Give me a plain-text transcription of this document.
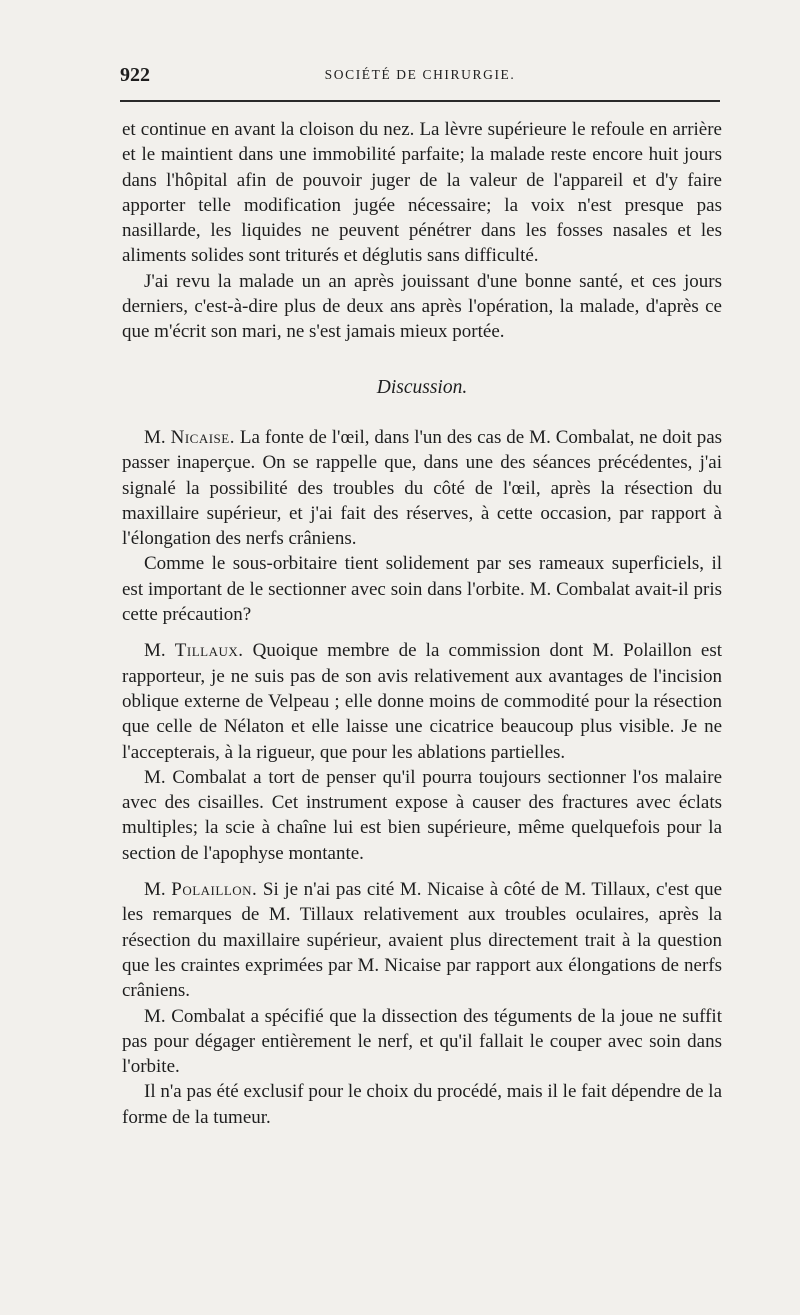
922	SOCIÉTÉ DE CHIRURGIE.

et continue en avant la cloison du nez. La lèvre supérieure le refoule en arrière et le maintient dans une immobilité parfaite; la malade reste encore huit jours dans l'hôpital afin de pouvoir juger de la valeur de l'appareil et d'y faire apporter telle modification jugée nécessaire; la voix n'est presque pas nasillarde, les liquides ne peuvent pénétrer dans les fosses nasales et les aliments solides sont triturés et déglutis sans difficulté.

J'ai revu la malade un an après jouissant d'une bonne santé, et ces jours derniers, c'est-à-dire plus de deux ans après l'opération, la malade, d'après ce que m'écrit son mari, ne s'est jamais mieux portée.

Discussion.

M. Nicaise. La fonte de l'œil, dans l'un des cas de M. Combalat, ne doit pas passer inaperçue. On se rappelle que, dans une des séances précédentes, j'ai signalé la possibilité des troubles du côté de l'œil, après la résection du maxillaire supérieur, et j'ai fait des réserves, à cette occasion, par rapport à l'élongation des nerfs crâniens.

Comme le sous-orbitaire tient solidement par ses rameaux superficiels, il est important de le sectionner avec soin dans l'orbite. M. Combalat avait-il pris cette précaution?

M. Tillaux. Quoique membre de la commission dont M. Polaillon est rapporteur, je ne suis pas de son avis relativement aux avantages de l'incision oblique externe de Velpeau ; elle donne moins de commodité pour la résection que celle de Nélaton et elle laisse une cicatrice beaucoup plus visible. Je ne l'accepterais, à la rigueur, que pour les ablations partielles.

M. Combalat a tort de penser qu'il pourra toujours sectionner l'os malaire avec des cisailles. Cet instrument expose à causer des fractures avec éclats multiples; la scie à chaîne lui est bien supérieure, même quelquefois pour la section de l'apophyse montante.

M. Polaillon. Si je n'ai pas cité M. Nicaise à côté de M. Tillaux, c'est que les remarques de M. Tillaux relativement aux troubles oculaires, après la résection du maxillaire supérieur, avaient plus directement trait à la question que les craintes exprimées par M. Nicaise par rapport aux élongations de nerfs crâniens.

M. Combalat a spécifié que la dissection des téguments de la joue ne suffit pas pour dégager entièrement le nerf, et qu'il fallait le couper avec soin dans l'orbite.

Il n'a pas été exclusif pour le choix du procédé, mais il le fait dépendre de la forme de la tumeur.
